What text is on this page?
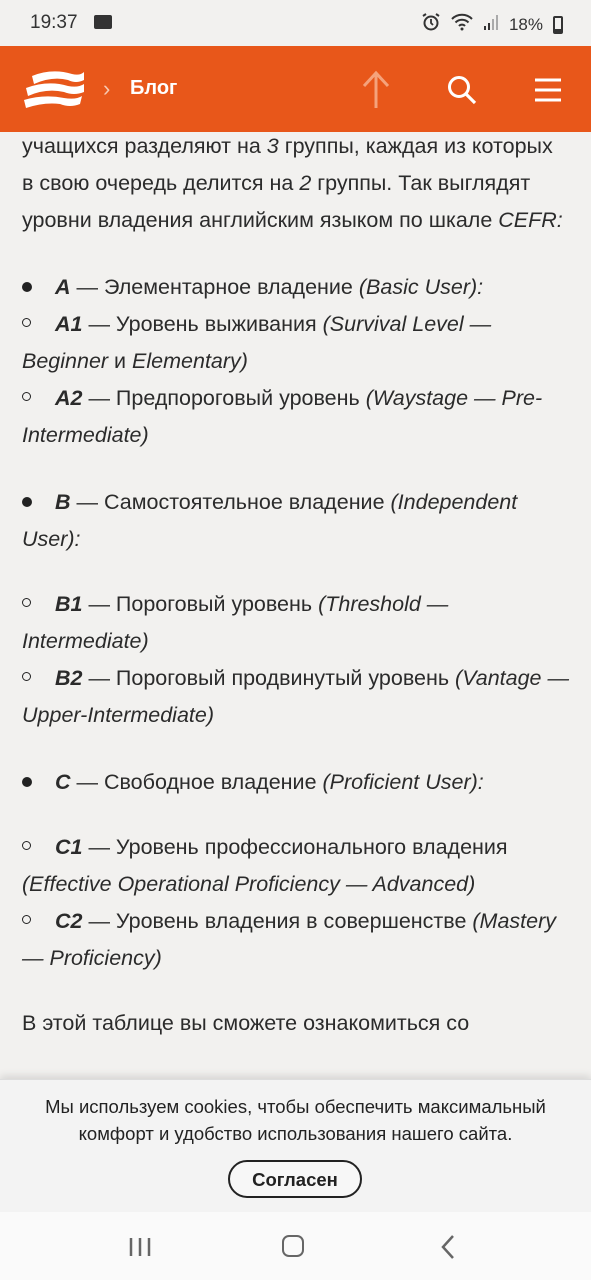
19:37	18%
› Блог

учащихся разделяют на 3 группы, каждая из которых в свою очередь делится на 2 группы. Так выглядят уровни владения английским языком по шкале CEFR:

A — Элементарное владение (Basic User):
A1 — Уровень выживания (Survival Level — Beginner и Elementary)
A2 — Предпороговый уровень (Waystage — Pre-Intermediate)
B — Самостоятельное владение (Independent User):
B1 — Пороговый уровень (Threshold — Intermediate)
B2 — Пороговый продвинутый уровень (Vantage — Upper-Intermediate)
C — Свободное владение (Proficient User):
C1 — Уровень профессионального владения (Effective Operational Proficiency — Advanced)
C2 — Уровень владения в совершенстве (Mastery — Proficiency)

В этой таблице вы сможете ознакомиться со

Мы используем cookies, чтобы обеспечить максимальный комфорт и удобство использования нашего сайта.
Согласен
